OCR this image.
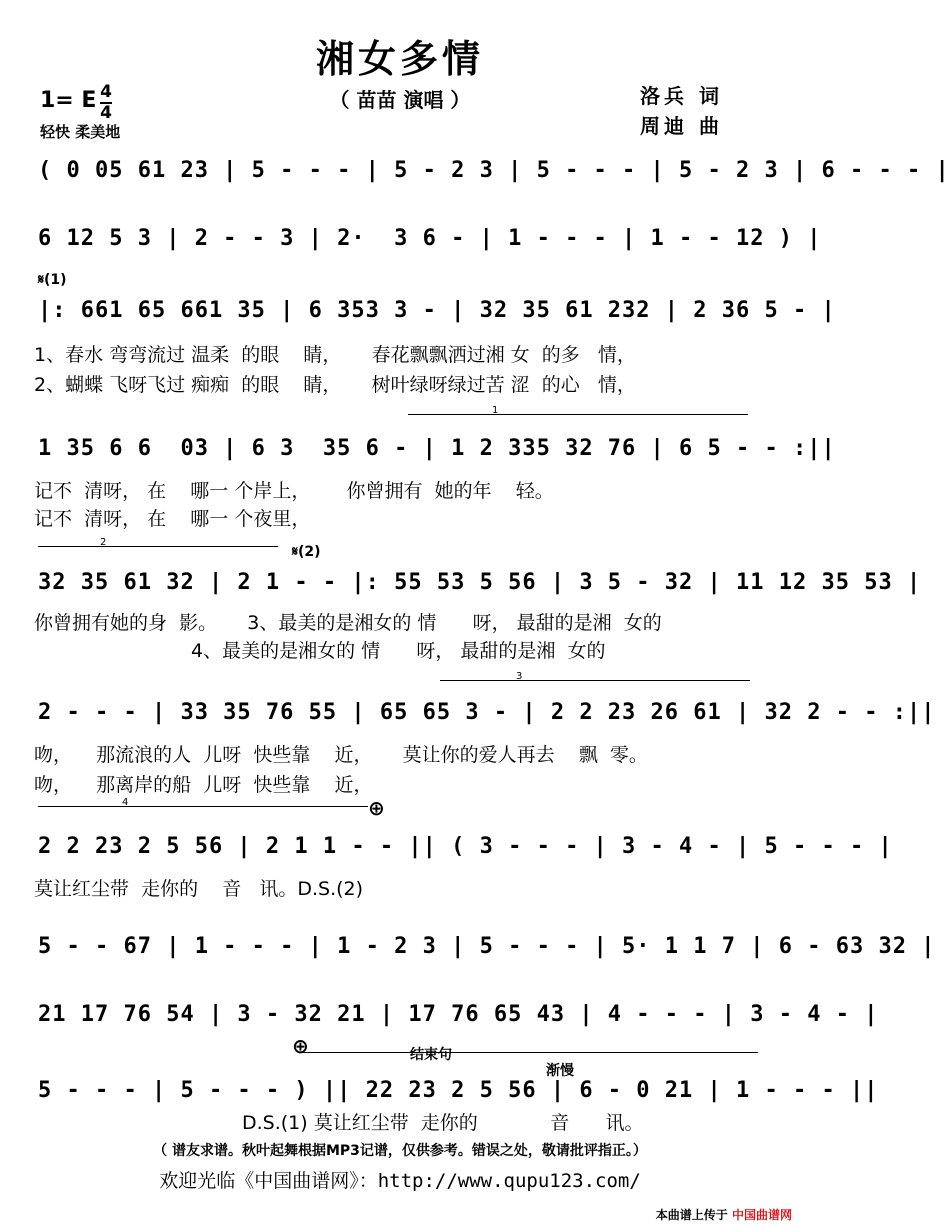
湘女多情
（ 苗苗 演唱 ）
1= E 4
4
轻快 柔美地
洛兵 词
周迪 曲
( 0 05 61 23 | 5 - - - | 5 - 2 3 | 5 - - - | 5 - 2 3 | 6 - - - |
6 12 5 3 | 2 - - 3 | 2·  3 6 - | 1 - - - | 1 - - 12 ) |
𝄋(1)
|: 661 65 661 35 | 6 353 3 - | 32 35 61 232 | 2 36 5 - |
1、春水 弯弯流过 温柔  的眼    睛，     春花飘飘洒过湘 女  的多   情，
2、蝴蝶 飞呀飞过 痴痴  的眼    睛，     树叶绿呀绿过苦 涩  的心   情，
1
1 35 6 6  03 | 6 3  35 6 - | 1 2 335 32 76 | 6 5 - - :||
记不  清呀， 在    哪一 个岸上，      你曾拥有  她的年    轻。
记不  清呀， 在    哪一 个夜里，
2
𝄋(2)
32 35 61 32 | 2 1 - - |: 55 53 5 56 | 3 5 - 32 | 11 12 35 53 |
你曾拥有她的身  影。     3、最美的是湘女的 情      呀， 最甜的是湘  女的
4、最美的是湘女的 情      呀， 最甜的是湘  女的
3
2 - - - | 33 35 76 55 | 65 65 3 - | 2 2 23 26 61 | 32 2 - - :||
吻，    那流浪的人  儿呀  快些靠    近，     莫让你的爱人再去    飘  零。
吻，    那离岸的船  儿呀  快些靠    近，
4	⊕
2 2 23 2 5 56 | 2 1 1 - - || ( 3 - - - | 3 - 4 - | 5 - - - |
莫让红尘带  走你的    音   讯。D.S.(2)
5 - - 67 | 1 - - - | 1 - 2 3 | 5 - - - | 5· 1 1 7 | 6 - 63 32 |
21 17 76 54 | 3 - 32 21 | 17 76 65 43 | 4 - - - | 3 - 4 - |
⊕	结束句
渐慢
5 - - - | 5 - - - ) || 22 23 2 5 56 | 6 - 0 21 | 1 - - - ||
D.S.(1) 莫让红尘带  走你的            音      讯。
（ 谱友求谱。秋叶起舞根据MP3记谱，仅供参考。错误之处，敬请批评指正。）
欢迎光临《中国曲谱网》：http://www.qupu123.com/
本曲谱上传于 中国曲谱网
